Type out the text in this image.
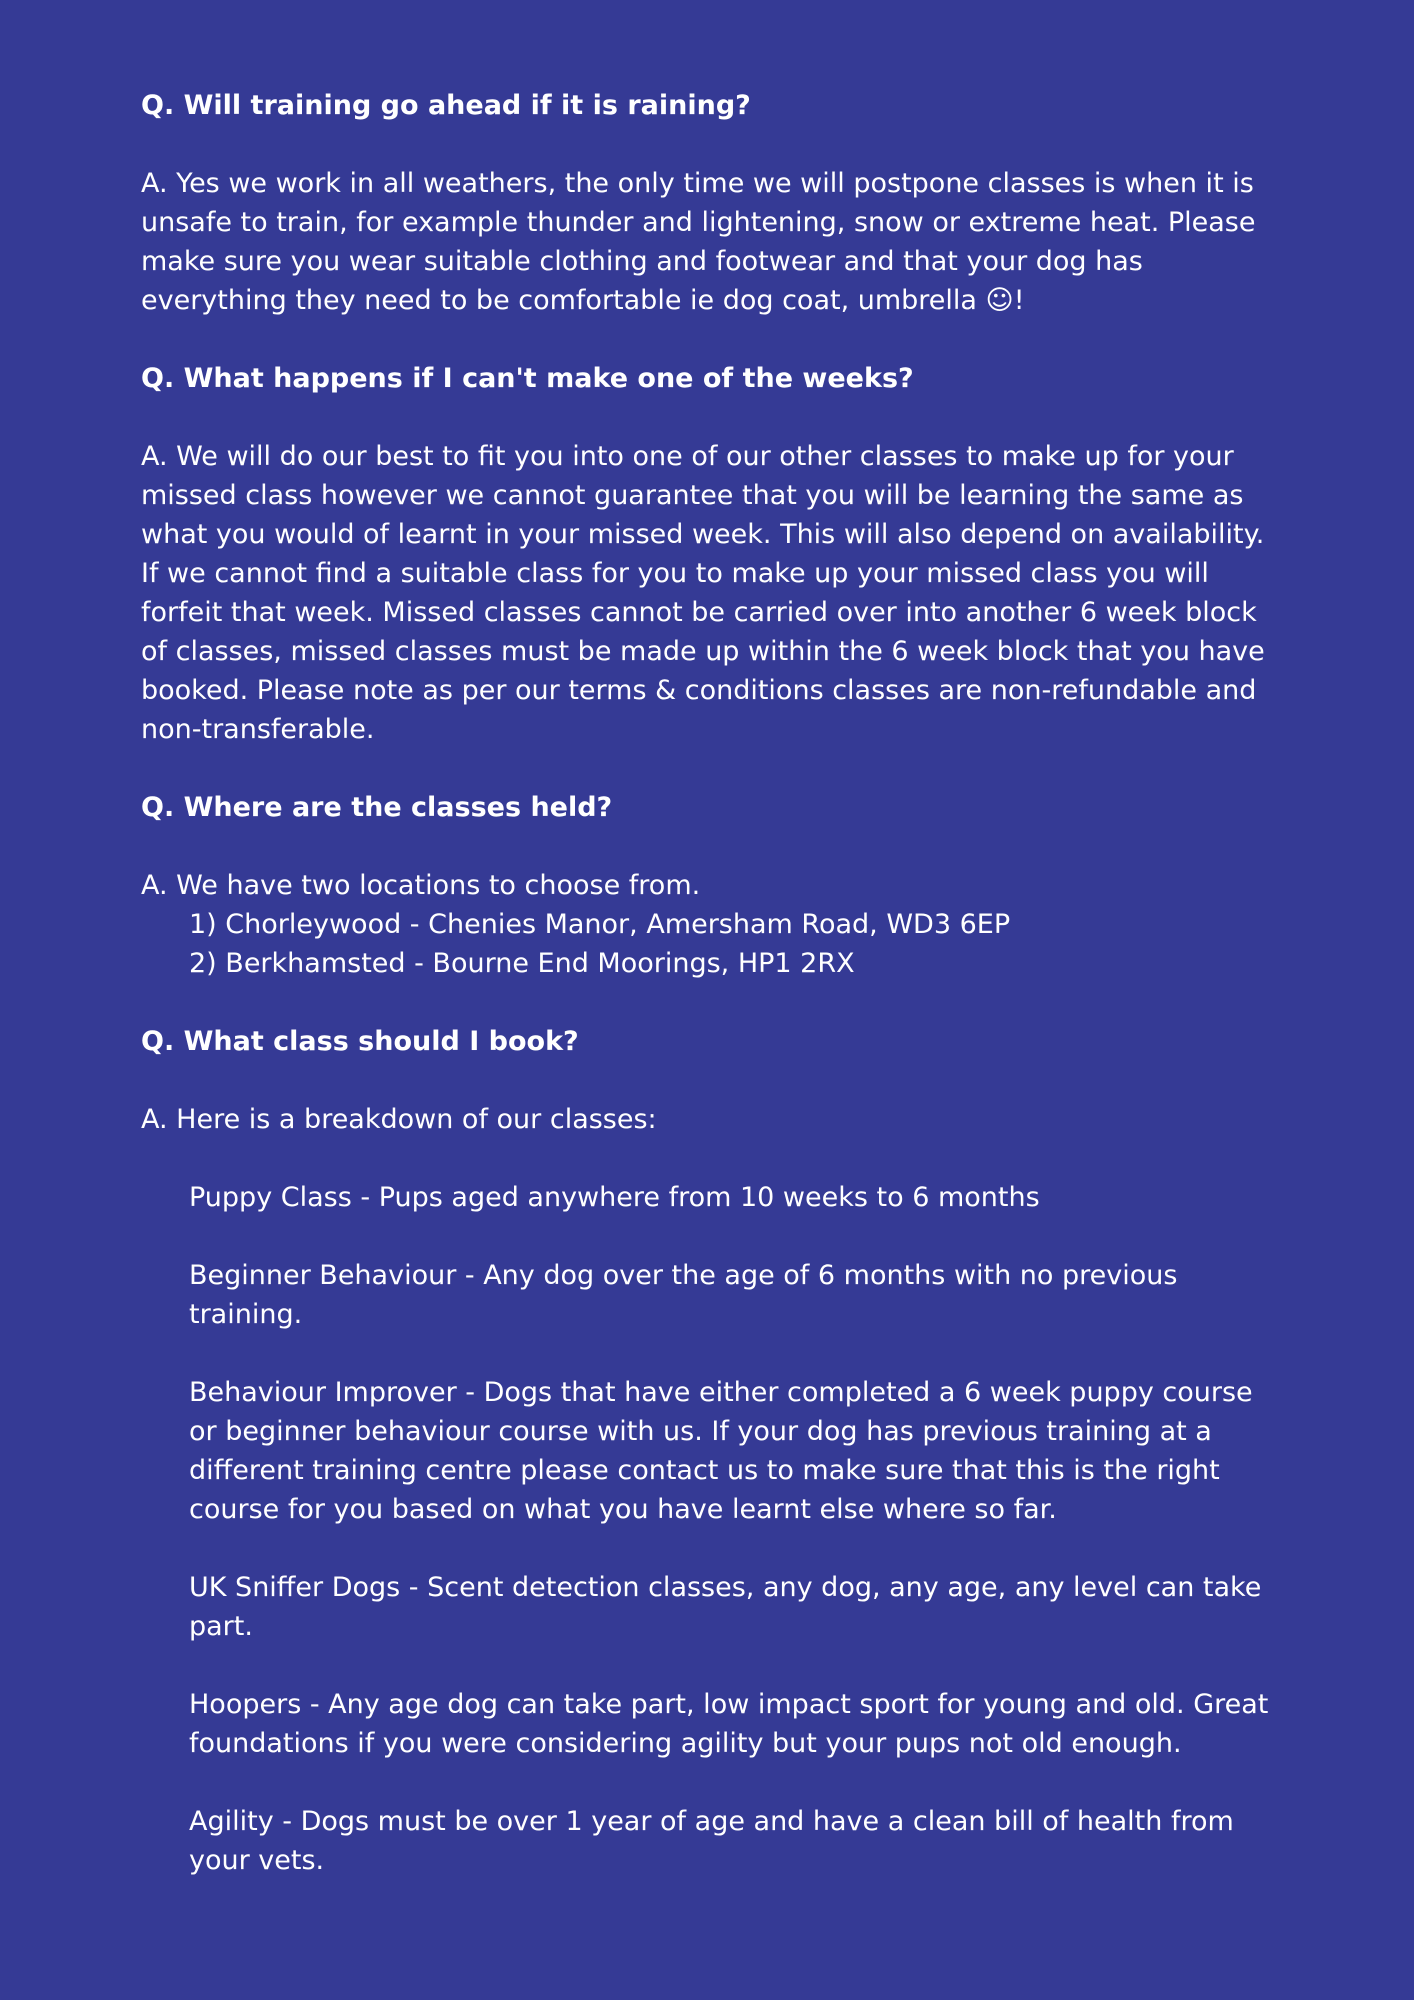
Q. Will training go ahead if it is raining?

A. Yes we work in all weathers, the only time we will postpone classes is when it is unsafe to train, for example thunder and lightening, snow or extreme heat. Please make sure you wear suitable clothing and footwear and that your dog has everything they need to be comfortable ie dog coat, umbrella ☺!

Q. What happens if I can't make one of the weeks?

A. We will do our best to fit you into one of our other classes to make up for your missed class however we cannot guarantee that you will be learning the same as what you would of learnt in your missed week. This will also depend on availability. If we cannot find a suitable class for you to make up your missed class you will forfeit that week. Missed classes cannot be carried over into another 6 week block of classes, missed classes must be made up within the 6 week block that you have booked. Please note as per our terms & conditions classes are non-refundable and non-transferable.

Q. Where are the classes held?

A. We have two locations to choose from.
1) Chorleywood - Chenies Manor, Amersham Road, WD3 6EP
2) Berkhamsted - Bourne End Moorings, HP1 2RX

Q. What class should I book?

A. Here is a breakdown of our classes:

Puppy Class - Pups aged anywhere from 10 weeks to 6 months

Beginner Behaviour - Any dog over the age of 6 months with no previous training.

Behaviour Improver - Dogs that have either completed a 6 week puppy course or beginner behaviour course with us. If your dog has previous training at a different training centre please contact us to make sure that this is the right course for you based on what you have learnt else where so far.

UK Sniffer Dogs - Scent detection classes, any dog, any age, any level can take part.

Hoopers - Any age dog can take part, low impact sport for young and old. Great foundations if you were considering agility but your pups not old enough.

Agility - Dogs must be over 1 year of age and have a clean bill of health from your vets.
